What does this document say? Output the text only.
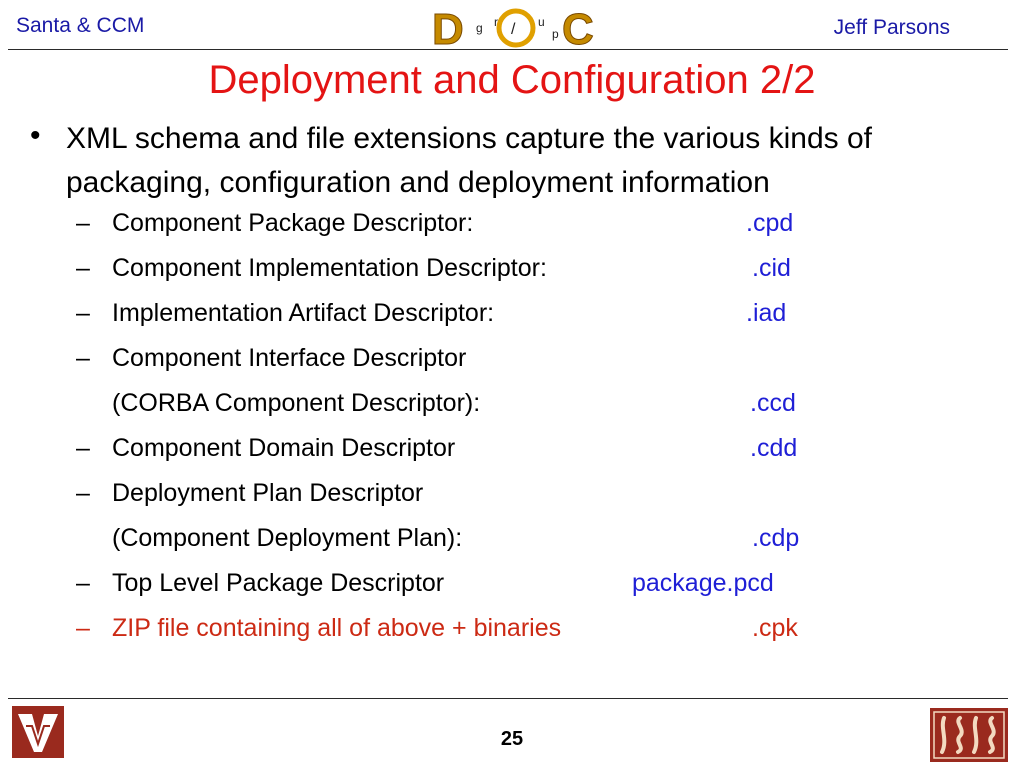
Santa & CCM	D g r / u
p C	Jeff Parsons
Deployment and Configuration 2/2
• XML schema and file extensions capture the various kinds of packaging, configuration and deployment information
– Component Package Descriptor:	.cpd
– Component Implementation Descriptor:	.cid
– Implementation Artifact Descriptor:	.iad
– Component Interface Descriptor
(CORBA Component Descriptor):	.ccd
– Component Domain Descriptor	.cdd
– Deployment Plan Descriptor
(Component Deployment Plan):	.cdp
– Top Level Package Descriptor	package.pcd
– ZIP file containing all of above + binaries	.cpk
25
